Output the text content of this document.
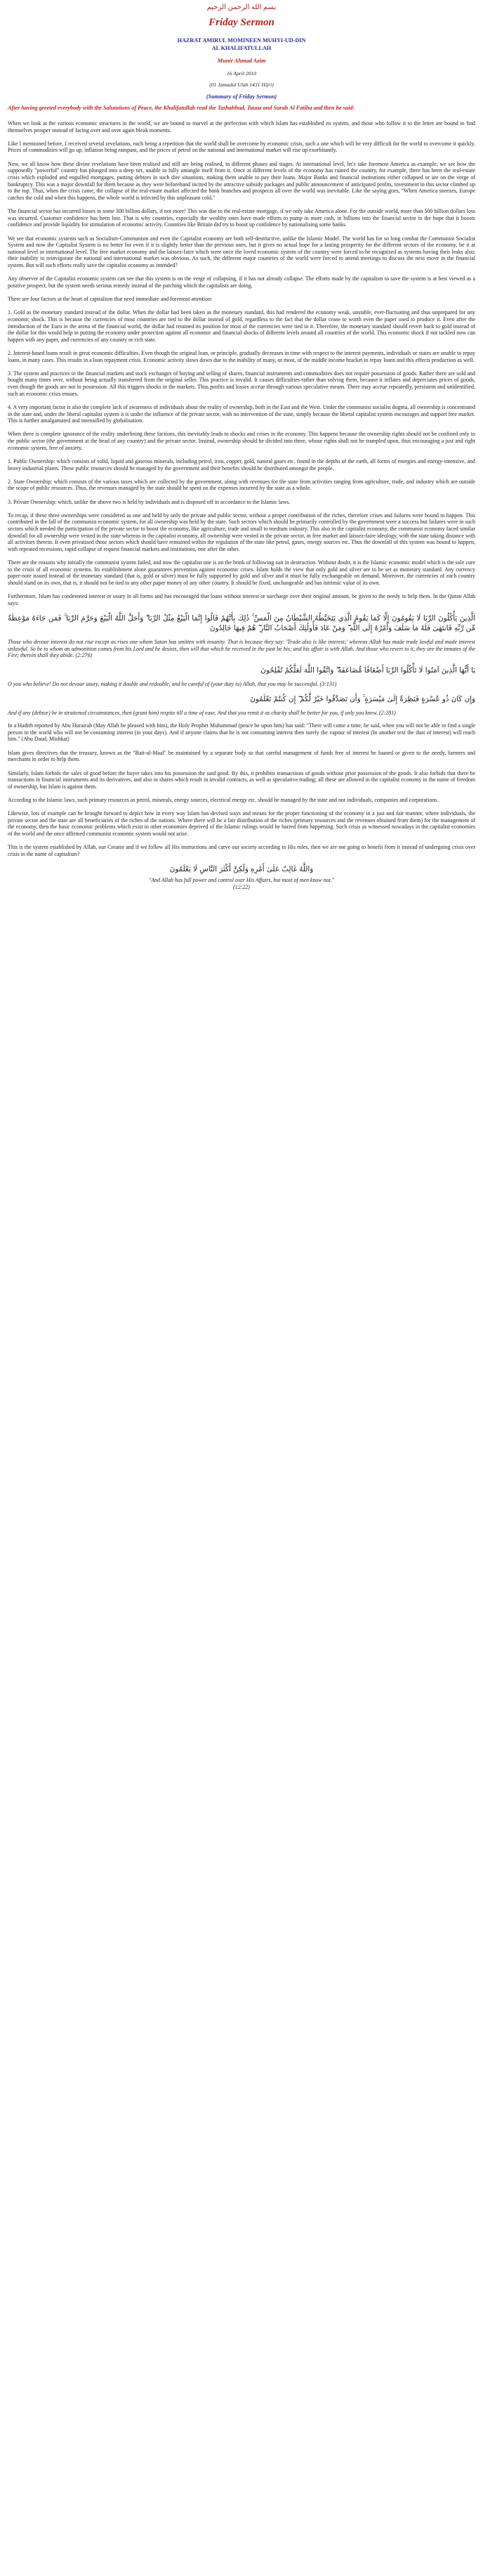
بسم الله الرحمن الرحيم
Friday Sermon
HAZRAT AMIRUL MOMINEEN MUHYI-UD-DIN
AL KHALIFATULLAH
Munir Ahmad Azim
16 April 2010
(01 Jamadul Ulah 1431 Hijri)
(Summary of Friday Sermon)
After having greeted everybody with the Salutations of Peace, the Khalifatullah read the Tashahhud, Tauuz and Surah Al Fatiha and then he said:

When we look at the various economic structures in the world, we are bound to marvel at the perfection with which Islam has established its system, and those who follow it to the letter are bound to find themselves prosper instead of facing over and over again bleak moments.

Like I mentioned before, I received several revelations, each being a repetition that the world shall be overcome by economic crisis, such a one which will be very difficult for the world to overcome it quickly. Prices of commodities will go up, inflation being rampant, and the prices of petrol on the national and international market will rise up exorbitantly.

Now, we all know how these divine revelations have been realised and still are being realised, in different phases and stages. At international level, let's take foremost America as example; we see how the supposedly "powerful" country has plunged into a deep net, unable to fully untangle itself from it. Once at different levels of the economy has ruined the country, for example, there has been the real-estate crisis which exploded and engulfed mortgages, putting debtors in such dire situations, making them unable to pay their loans. Major Banks and financial institutions either collapsed or are on the verge of bankruptcy. This was a major downfall for them because as they were beforehand incited by the attractive subsidy packages and public announcement of anticipated profits, investment in this sector climbed up to the top. Thus, when the crisis came, the collapse of the real-estate market affected the bank branches and prospects all over the world was inevitable. Like the saying goes, "When America sneezes, Europe catches the cold and when this happens, the whole world is infected by this unpleasant cold."

The financial sector has incurred losses in some 300 billion dollars, if not more! This was due to the real-estate mortgage, if we only take America alone. For the outside world, more than 500 billion dollars loss was incurred. Customer confidence has been lost. That is why countries, especially the wealthy ones have made efforts to pump in more cash, in billions into the financial sector in the hope that it boosts confidence and provide liquidity for stimulation of economic activity. Countries like Britain did try to boost up confidence by nationalising some banks.

We see that economic systems such as Socialism-Communism and even the Capitalist economy are both self-destructive, unlike the Islamic Model. The world has for so long combat the Communist Socialist System and now the Capitalist System is no better for even if it is slightly better than the previous ones, but it gives no actual hope for a lasting prosperity for the different sectors of the economy, be it at national level or international level. The free market economy and the laissez-faire which were once the loved economic system of the country were forced to be recognised as systems having their leaks also; their inability to reinvigorate the national and international market was obvious. As such, the different major countries of the world were forced to attend meetings to discuss the next move in the financial system. But will such efforts really save the capitalist economy as intended?

Any observer of the Capitalist economic system can see that this system is on the verge of collapsing, if it has not already collapse. The efforts made by the capitalists to save the system is at best viewed as a positive prospect, but the system needs serious remedy instead of the patching which the capitalists are doing.

There are four factors at the heart of capitalism that need immediate and foremost attention:

1. Gold as the monetary standard instead of the dollar. When the dollar had been taken as the monetary standard, this had rendered the economy weak, unstable, ever-fluctuating and thus unprepared for any economic shock. This is because the currencies of most countries are tied to the dollar instead of gold, regardless to the fact that the dollar cease to worth even the paper used to produce it. Even after the introduction of the Euro in the arena of the financial world, the dollar had retained its position for most of the currencies were tied to it. Therefore, the monetary standard should revert back to gold instead of the dollar for this would help in putting the economy under protection against all economic and financial shocks of different levels around all countries of the world. This economic shock if not tackled now can happen with any paper, and currencies of any country or rich state.

2. Interest-based loans result in great economic difficulties. Even though the original loan, or principle, gradually decreases in time with respect to the interest payments, individuals or states are unable to repay loans, in many cases. This results in a loan repayment crisis. Economic activity slows down due to the inability of many, or most, of the middle income bracket to repay loans and this effects production as well.

3. The system and practices in the financial markets and stock exchanges of buying and selling of shares, financial instruments and commodities does not require possession of goods. Rather there are sold and bought many times over, without being actually transferred from the original seller. This practice is invalid. It causes difficulties rather than solving them, because it inflates and depreciates prices of goods, even though the goods are not in possession. All this triggers shocks in the markets. Thus profits and losses accrue through various speculative means. There may accrue repeatedly, persistent and unidentified, such an economic crisis ensues.

4. A very important factor is also the complete lack of awareness of individuals about the reality of ownership, both in the East and the West. Under the communist socialist dogma, all ownership is concentrated in the state and, under the liberal capitalist system it is under the influence of the private sector, with no intervention of the state, simply because the liberal capitalist system encourages and support free market. This is further amalgamated and intensified by globalisation.

When there is complete ignorance of the reality underlining these factions, this inevitably leads to shocks and crises in the economy. This happens because the ownership rights should not be confined only to the public sector (the government at the head of any country) and the private sector. Instead, ownership should be divided into three, whose rights shall not be trampled upon, thus encouraging a just and right economic system, free of anxiety.

1. Public Ownership: which consists of solid, liquid and gaseous minerals, including petrol, iron, copper, gold, natural gases etc. found in the depths of the earth, all forms of energies and energy-intensive, and heavy industrial plants. These public resources should be managed by the government and their benefits should be distributed amongst the people.

2. State Ownership: which consists of the various taxes which are collected by the government, along with revenues for the state from activities ranging from agriculture, trade, and industry which are outside the scope of public resources. Thus, the revenues managed by the state should be spent on the expenses incurred by the state as a whole.

3. Private Ownership: which, unlike the above two is held by individuals and is disposed off in accordance to the Islamic laws.

To recap, if these three ownerships were considered as one and held by only the private and public sector, without a proper contribution of the riches, therefore crises and failures were bound to happen. This contributed in the fall of the communist economic system, for all ownership was held by the state. Such sectors which should be primarily controlled by the government were a success but failures were in such sectors which needed the participation of the private sector to boost the economy, like agriculture, trade and small to medium industry. This also in the capitalist economy, the communist economy faced similar downfall for all ownership were vested in the state whereas in the capitalist economy, all ownership were vested in the private sector, in free market and laissez-faire ideology, with the state taking distance with all activities therein. It even privatised those sectors which should have remained within the regulation of the state like petrol, gases, energy sources etc. Thus the downfall of this system was bound to happen, with repeated recessions, rapid collapse of request financial markets and institutions, one after the other.

There are the reasons why initially the communist system failed, and now the capitalist one is on the brink of following suit in destruction. Without doubt, it is the Islamic economic model which is the sole cure to the crisis of all economic systems. Its establishment alone guarantees prevention against economic crises. Islam holds the view that only gold and silver are to be set as monetary standard. Any currency paper-note issued instead of the monetary standard (that is, gold or silver) must be fully supported by gold and silver and it must be fully exchangeable on demand. Moreover, the currencies of each country should stand on its own, that is, it should not be tied to any other paper money of any other country. It should be fixed, unchangeable and has intrinsic value of its own.

Furthermore, Islam has condemned interest or usury in all forms and has encouraged that loans without interest or surcharge over their original amount, be given to the needy to help them. In the Quran Allah says:

الَّذِينَ يَأْكُلُونَ الرِّبَا لَا يَقُومُونَ إِلَّا كَمَا يَقُومُ الَّذِي يَتَخَبَّطُهُ الشَّيْطَانُ مِنَ الْمَسِّ ۚ ذَٰلِكَ بِأَنَّهُمْ قَالُوا إِنَّمَا الْبَيْعُ مِثْلُ الرِّبَا ۗ وَأَحَلَّ اللَّهُ الْبَيْعَ وَحَرَّمَ الرِّبَا ۚ فَمَن جَاءَهُ مَوْعِظَةٌ مِّن رَّبِّهِ فَانتَهَىٰ فَلَهُ مَا سَلَفَ وَأَمْرُهُ إِلَى اللَّهِ ۖ وَمَنْ عَادَ فَأُولَٰئِكَ أَصْحَابُ النَّارِ ۖ هُمْ فِيهَا خَالِدُونَ

Those who devour interest do not rise except as rises one whom Satan has smitten with insanity. That is because they say: 'Trade also is like interest;' whereas Allah has made trade lawful and made interest unlawful. So he to whom an admonition comes from his Lord and he desists, then will that which he received in the past be his; and his affair is with Allah. And those who revert to it, they are the inmates of the Fire; therein shall they abide. (2:276)

يَا أَيُّهَا الَّذِينَ آمَنُوا لَا تَأْكُلُوا الرِّبَا أَضْعَافًا مُّضَاعَفَةً ۖ وَاتَّقُوا اللَّهَ لَعَلَّكُمْ تُفْلِحُونَ

O you who believe! Do not devour usury, making it double and redouble, and be careful of (your duty to) Allah, that you may be successful. (3:131)

وَإِن كَانَ ذُو عُسْرَةٍ فَنَظِرَةٌ إِلَىٰ مَيْسَرَةٍ ۚ وَأَن تَصَدَّقُوا خَيْرٌ لَّكُمْ ۖ إِن كُنتُمْ تَعْلَمُونَ

And if any (debtor) be in straitened circumstances, then (grant him) respite till a time of ease. And that you remit it as charity shall be better for you, if only you knew. (2:281)

In a Hadith reported by Abu Hurairah (May Allah be pleased with him), the Holy Prophet Muhammad (peace be upon him) has said: "There will come a time, he said, when you will not be able to find a single person in the world who will not be consuming interest (in your days). And if anyone claims that he is not consuming interest then surely the vapour of interest (In another text the dust of interest) will reach him." (Abu Daud, Mishkat)

Islam gives directives that the treasury, known as the "Bait-ul-Maal" be maintained by a separate body so that careful management of funds free of interest be loaned or given to the needy, farmers and merchants in order to help them.

Similarly, Islam forbids the sales of good before the buyer takes into his possession the said good. By this, it prohibits transactions of goods without prior possession of the goods. It also forbids that there be transactions in financial instruments and its derivatives, and also in shares which result in invalid contracts, as well as speculative trading; all these are allowed in the capitalist economy in the name of freedom of ownership, but Islam is against them.

According to the Islamic laws, such primary resources as petrol, minerals, energy sources, electrical energy etc. should be managed by the state and not individuals, companies and corporations.

Likewise, lots of example can be brought forward to depict how in every way Islam has devised ways and means for the proper functioning of the economy in a just and fair manner, where individuals, the private sector and the state are all beneficiaries of the riches of the nations. Where there will be a fair distribution of the riches (primary resources and the revenues obtained from them) for the management of the economy, then the basic economic problems which exist in other economies deprived of the Islamic rulings would be barred from happening. Such crisis as witnessed nowadays in the capitalist economies of the world and the once affirmed communist economic system would not arise.

This is the system established by Allah, our Creator and if we follow all His instructions and carve our society according to His rules, then we are not going to benefit from it instead of undergoing crisis over crisis in the name of capitalism?

وَاللَّهُ غَالِبٌ عَلَىٰ أَمْرِهِ وَلَٰكِنَّ أَكْثَرَ النَّاسِ لَا يَعْلَمُونَ

"And Allah has full power and control over His Affairs, but most of men know not."

(12:22)
